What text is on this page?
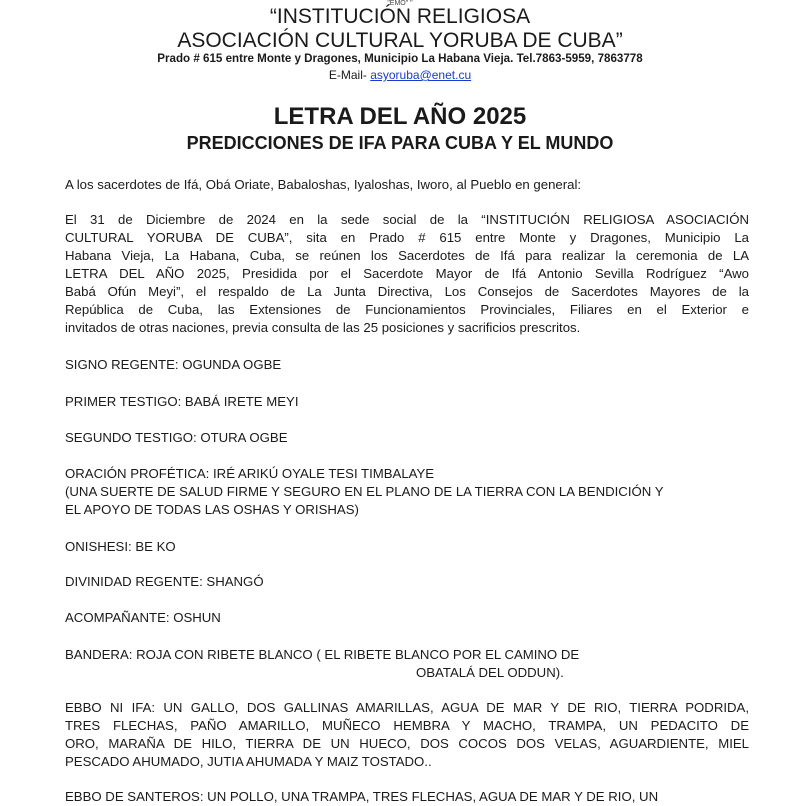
"EMO" "
“INSTITUCIÓN RELIGIOSA
ASOCIACIÓN CULTURAL YORUBA DE CUBA”
Prado # 615 entre Monte y Dragones, Municipio La Habana Vieja. Tel.7863-5959, 7863778
E-Mail- asyoruba@enet.cu
LETRA DEL AÑO 2025
PREDICCIONES DE IFA PARA CUBA Y EL MUNDO
A los sacerdotes de Ifá, Obá Oriate, Babaloshas, Iyaloshas, Iworo, al Pueblo en general:
El 31 de Diciembre de 2024 en la sede social de la “INSTITUCIÓN RELIGIOSA ASOCIACIÓN
CULTURAL YORUBA DE CUBA”, sita en Prado # 615 entre Monte y Dragones, Municipio La
Habana Vieja, La Habana, Cuba, se reúnen los Sacerdotes de Ifá para realizar la ceremonia de LA
LETRA DEL AÑO 2025, Presidida por el Sacerdote Mayor de Ifá Antonio Sevilla Rodríguez “Awo
Babá Ofún Meyi”, el respaldo de La Junta Directiva, Los Consejos de Sacerdotes Mayores de la
República de Cuba, las Extensiones de Funcionamientos Provinciales, Filiares en el Exterior e
invitados de otras naciones, previa consulta de las 25 posiciones y sacrificios prescritos.
SIGNO REGENTE: OGUNDA OGBE
PRIMER TESTIGO: BABÁ IRETE MEYI
SEGUNDO TESTIGO: OTURA OGBE
ORACIÓN PROFÉTICA: IRÉ ARIKÚ OYALE TESI TIMBALAYE
(UNA SUERTE DE SALUD FIRME Y SEGURO EN EL PLANO DE LA TIERRA CON LA BENDICIÓN Y
EL APOYO DE TODAS LAS OSHAS Y ORISHAS)
ONISHESI: BE KO
DIVINIDAD REGENTE: SHANGÓ
ACOMPAÑANTE: OSHUN
BANDERA: ROJA CON RIBETE BLANCO ( EL RIBETE BLANCO POR EL CAMINO DE
OBATALÁ DEL ODDUN).
EBBO NI IFA: UN GALLO, DOS GALLINAS AMARILLAS, AGUA DE MAR Y DE RIO, TIERRA PODRIDA,
TRES FLECHAS, PAÑO AMARILLO, MUÑECO HEMBRA Y MACHO, TRAMPA, UN PEDACITO DE
ORO, MARAÑA DE HILO, TIERRA DE UN HUECO, DOS COCOS DOS VELAS, AGUARDIENTE, MIEL
PESCADO AHUMADO, JUTIA AHUMADA Y MAIZ TOSTADO..
EBBO DE SANTEROS: UN POLLO, UNA TRAMPA, TRES FLECHAS, AGUA DE MAR Y DE RIO, UN
